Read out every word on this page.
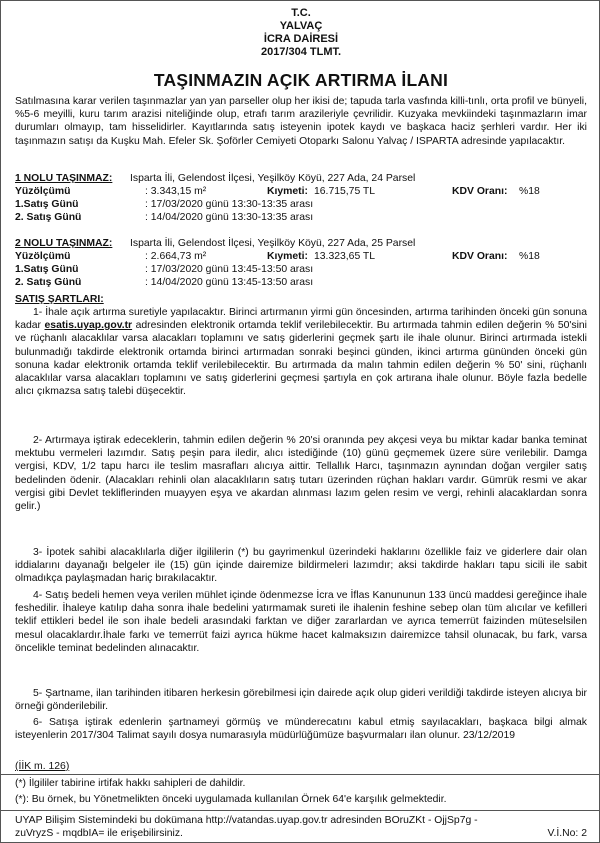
T.C.
YALVAÇ
İCRA DAİRESİ
2017/304 TLMT.
TAŞINMAZIN AÇIK ARTIRMA İLANI
Satılmasına karar verilen taşınmazlar yan yan parseller olup her ikisi de; tapuda tarla vasfında killi-tınlı, orta profil ve bünyeli, %5-6 meyilli, kuru tarım arazisi niteliğinde olup, etrafı tarım arazileriyle çevrilidir. Kuzyaka mevkiindeki taşınmazların imar durumları olmayıp, tam hisselidirler. Kayıtlarında satış isteyenin ipotek kaydı ve başkaca haciz şerhleri vardır. Her iki taşınmazın satışı da Kuşku Mah. Efeler Sk. Şoförler Cemiyeti Otoparkı Salonu Yalvaç / ISPARTA adresinde yapılacaktır.
1 NOLU TAŞINMAZ: Isparta İli, Gelendost İlçesi, Yeşilköy Köyü, 227 Ada, 24 Parsel
Yüzölçümü	: 3.343,15 m²	Kıymeti: 16.715,75 TL	KDV Oranı: %18
1.Satış Günü	: 17/03/2020 günü 13:30-13:35 arası
2. Satış Günü	: 14/04/2020 günü 13:30-13:35 arası
2 NOLU TAŞINMAZ: Isparta İli, Gelendost İlçesi, Yeşilköy Köyü, 227 Ada, 25 Parsel
Yüzölçümü	: 2.664,73 m²	Kıymeti: 13.323,65 TL	KDV Oranı: %18
1.Satış Günü	: 17/03/2020 günü 13:45-13:50 arası
2. Satış Günü	: 14/04/2020 günü 13:45-13:50 arası
SATIŞ ŞARTLARI:
1- İhale açık artırma suretiyle yapılacaktır. Birinci artırmanın yirmi gün öncesinden, artırma tarihinden önceki gün sonuna kadar esatis.uyap.gov.tr adresinden elektronik ortamda teklif verilebilecektir. Bu artırmada tahmin edilen değerin % 50'sini ve rüçhanlı alacaklılar varsa alacakları toplamını ve satış giderlerini geçmek şartı ile ihale olunur. Birinci artırmada istekli bulunmadığı takdirde elektronik ortamda birinci artırmadan sonraki beşinci günden, ikinci artırma gününden önceki gün sonuna kadar elektronik ortamda teklif verilebilecektir. Bu artırmada da malın tahmin edilen değerin % 50' sini, rüçhanlı alacaklılar varsa alacakları toplamını ve satış giderlerini geçmesi şartıyla en çok artırana ihale olunur. Böyle fazla bedelle alıcı çıkmazsa satış talebi düşecektir.
2- Artırmaya iştirak edeceklerin, tahmin edilen değerin % 20'si oranında pey akçesi veya bu miktar kadar banka teminat mektubu vermeleri lazımdır. Satış peşin para iledir, alıcı istediğinde (10) günü geçmemek üzere süre verilebilir. Damga vergisi, KDV, 1/2 tapu harcı ile teslim masrafları alıcıya aittir. Tellallık Harcı, taşınmazın aynından doğan vergiler satış bedelinden ödenir. (Alacakları rehinli olan alacaklıların satış tutarı üzerinden rüçhan hakları vardır. Gümrük resmi ve akar vergisi gibi Devlet tekliflerinden muayyen eşya ve akardan alınması lazım gelen resim ve vergi, rehinli alacaklardan sonra gelir.)
3- İpotek sahibi alacaklılarla diğer ilgililerin (*) bu gayrimenkul üzerindeki haklarını özellikle faiz ve giderlere dair olan iddialarını dayanağı belgeler ile (15) gün içinde dairemize bildirmeleri lazımdır; aksi takdirde hakları tapu sicili ile sabit olmadıkça paylaşmadan hariç bırakılacaktır.
4- Satış bedeli hemen veya verilen mühlet içinde ödenmezse İcra ve İflas Kanununun 133 üncü maddesi gereğince ihale feshedilir. İhaleye katılıp daha sonra ihale bedelini yatırmamak sureti ile ihalenin feshine sebep olan tüm alıcılar ve kefilleri teklif ettikleri bedel ile son ihale bedeli arasındaki farktan ve diğer zararlardan ve ayrıca temerrüt faizinden müteselsilen mesul olacaklardır.İhale farkı ve temerrüt faizi ayrıca hükme hacet kalmaksızın dairemizce tahsil olunacak, bu fark, varsa öncelikle teminat bedelinden alınacaktır.
5- Şartname, ilan tarihinden itibaren herkesin görebilmesi için dairede açık olup gideri verildiği takdirde isteyen alıcıya bir örneği gönderilebilir.
6- Satışa iştirak edenlerin şartnameyi görmüş ve münderecatını kabul etmiş sayılacakları, başkaca bilgi almak isteyenlerin 2017/304 Talimat sayılı dosya numarasıyla müdürlüğümüze başvurmaları ilan olunur. 23/12/2019
(İİK m. 126)
(*) İlgililer tabirine irtifak hakkı sahipleri de dahildir.
(*): Bu örnek, bu Yönetmelikten önceki uygulamada kullanılan Örnek 64'e karşılık gelmektedir.
UYAP Bilişim Sistemindeki bu dokümana http://vatandas.uyap.gov.tr adresinden BOruZKt - OjjSp7g -
zuVryzS - mqdbIA= ile erişebilirsiniz.	V.İ.No: 2
